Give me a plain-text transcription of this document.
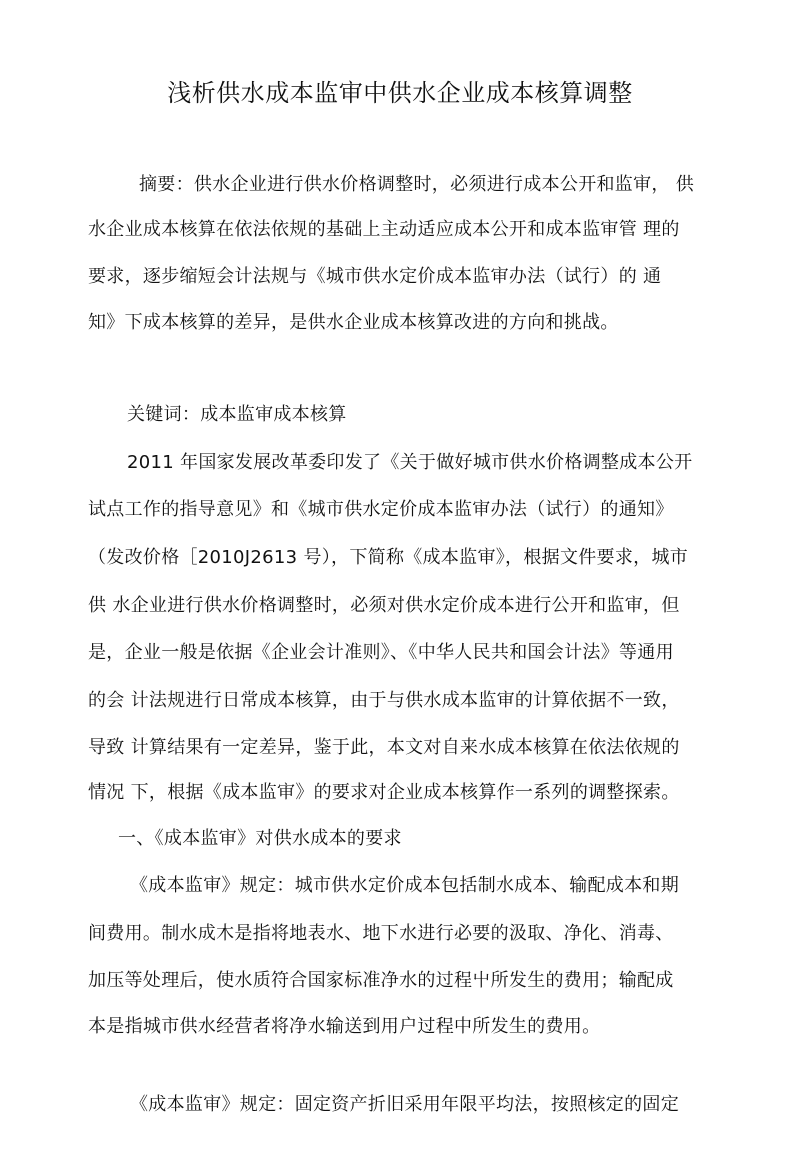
浅析供水成本监审中供水企业成本核算调整
摘要：供水企业进行供水价格调整时，必须进行成本公开和监审， 供
水企业成本核算在依法依规的基础上主动适应成本公开和成本监审管 理的
要求，逐步缩短会计法规与《城市供水定价成本监审办法（试行）的 通
知》下成本核算的差异，是供水企业成本核算改进的方向和挑战。
关键词：成本监审成本核算
2011 年国家发展改革委印发了《关于做好城市供水价格调整成本公开
试点工作的指导意见》和《城市供水定价成本监审办法（试行）的通知》
（发改价格［2010J2613 号），下简称《成本监审》，根据文件要求，城市
供 水企业进行供水价格调整时，必须对供水定价成本进行公开和监审，但
是，企业一般是依据《企业会计准则》、《中华人民共和国会计法》等通用
的会 计法规进行日常成本核算，由于与供水成本监审的计算依据不一致，
导致 计算结果有一定差异，鉴于此，本文对自来水成本核算在依法依规的
情况 下，根据《成本监审》的要求对企业成本核算作一系列的调整探索。
一、《成本监审》对供水成本的要求
《成本监审》规定：城市供水定价成本包括制水成本、输配成本和期
间费用。制水成木是指将地表水、地下水进行必要的汲取、净化、消毒、
加压等处理后，使水质符合国家标准净水的过程屮所发生的费用；输配成
本是指城市供水经营者将净水输送到用户过程中所发生的费用。
《成本监审》规定：固定资产折旧采用年限平均法，按照核定的固定
